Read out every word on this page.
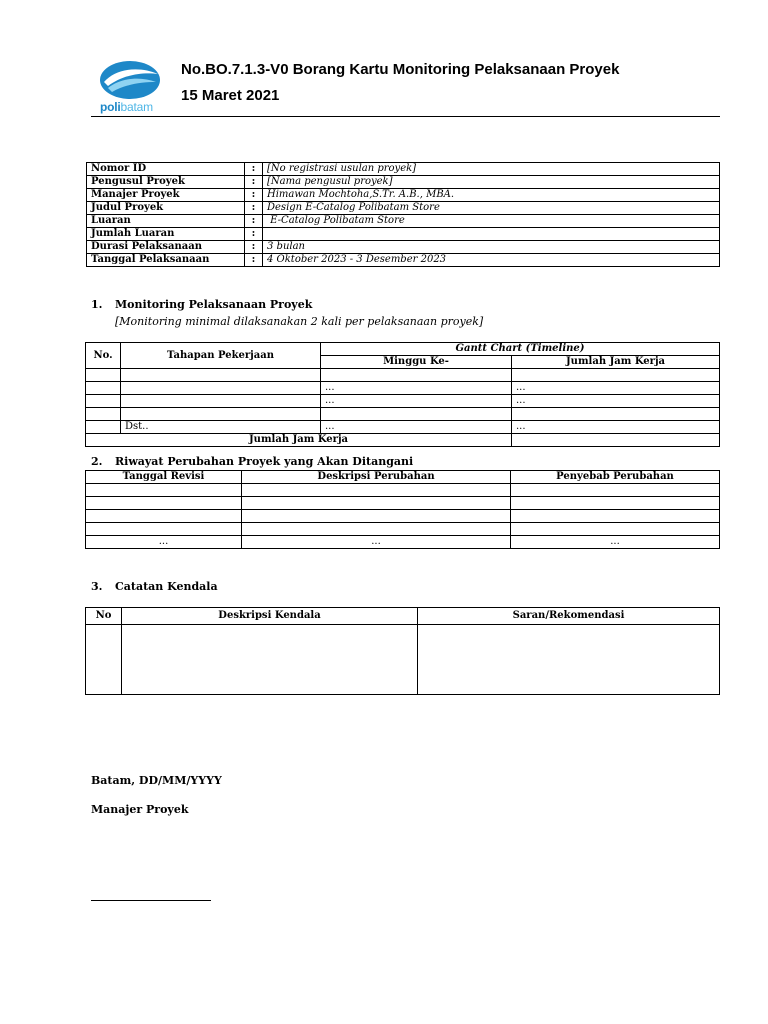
polibatam
No.BO.7.1.3-V0 Borang Kartu Monitoring Pelaksanaan Proyek
15 Maret 2021
Nomor ID	:	[No registrasi usulan proyek]
Pengusul Proyek	:	[Nama pengusul proyek]
Manajer Proyek	:	Himawan Mochtoha,S.Tr. A.B., MBA.
Judul Proyek	:	Design E-Catalog Polibatam Store
Luaran	:	E-Catalog Polibatam Store
Jumlah Luaran	:	
Durasi Pelaksanaan	:	3 bulan
Tanggal Pelaksanaan	:	4 Oktober 2023 - 3 Desember 2023
1. Monitoring Pelaksanaan Proyek
[Monitoring minimal dilaksanakan 2 kali per pelaksanaan proyek]
No.	Tahapan Pekerjaan	Gantt Chart (Timeline)	
		Minggu Ke-	Jumlah Jam Kerja

		...	...
		...	...

	Dst..	...	...
Jumlah Jam Kerja			
2. Riwayat Perubahan Proyek yang Akan Ditangani
Tanggal Revisi	Deskripsi Perubahan	Penyebab Perubahan

...	...	...
3. Catatan Kendala
No	Deskripsi Kendala	Saran/Rekomendasi

Batam, DD/MM/YYYY
Manajer Proyek
